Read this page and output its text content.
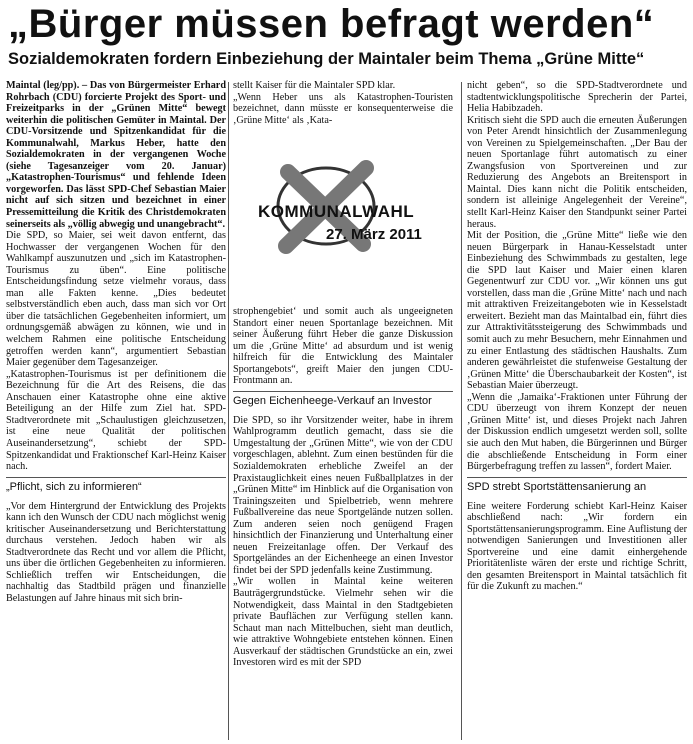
„Bürger müssen befragt werden“
Sozialdemokraten fordern Einbeziehung der Maintaler beim Thema „Grüne Mitte“

Maintal (leg/pp). – Das von Bürgermeister Erhard Rohrbach (CDU) forcierte Projekt des Sport- und Freizeitparks in der „Grünen Mitte“ bewegt weiterhin die politischen Gemüter in Maintal. Der CDU-Vorsitzende und Spitzenkandidat für die Kommunalwahl, Markus Heber, hatte den Sozialdemokraten in der vergangenen Woche (siehe Tagesanzeiger vom 20. Januar) „Katastrophen-Tourismus“ und fehlende Ideen vorgeworfen. Das lässt SPD-Chef Sebastian Maier nicht auf sich sitzen und bezeichnet in einer Pressemitteilung die Kritik des Christdemokraten seinerseits als „völlig abwegig und unangebracht“.

Die SPD, so Maier, sei weit davon entfernt, das Hochwasser der vergangenen Wochen für den Wahlkampf auszunutzen und „sich im Katastrophen-Tourismus zu üben“. Eine politische Entscheidungsfindung setze vielmehr voraus, dass man alle Fakten kenne. „Dies bedeutet selbstverständlich eben auch, dass man sich vor Ort über die tatsächlichen Gegebenheiten informiert, um ordnungsgemäß abwägen zu können, wie und in welchem Rahmen eine politische Entscheidung getroffen werden kann“, argumentiert Sebastian Maier gegenüber dem Tagesanzeiger.

„Katastrophen-Tourismus ist per definitionem die Bezeichnung für die Art des Reisens, die das Anschauen einer Katastrophe ohne eine aktive Beteiligung an der Hilfe zum Ziel hat. SPD-Stadtverordnete mit „Schaulustigen gleichzusetzen, ist eine neue Qualität der politischen Auseinandersetzung“, schiebt der SPD-Spitzenkandidat und Fraktionschef Karl-Heinz Kaiser nach.

„Pflicht, sich zu informieren“

„Vor dem Hintergrund der Entwicklung des Projekts kann ich den Wunsch der CDU nach möglichst wenig kritischer Auseinandersetzung und Berichterstattung durchaus verstehen. Jedoch haben wir als Stadtverordnete das Recht und vor allem die Pflicht, uns über die örtlichen Gegebenheiten zu informieren. Schließlich treffen wir Entscheidungen, die nachhaltig das Stadtbild prägen und finanzielle Belastungen auf Jahre hinaus mit sich brin-

stellt Kaiser für die Maintaler SPD klar.

„Wenn Heber uns als Katastrophen-Touristen bezeichnet, dann müsste er konsequenterweise die ‚Grüne Mitte‘ als ‚Kata-

KOMMUNALWAHL
27. März 2011

strophengebiet‘ und somit auch als ungeeigneten Standort einer neuen Sportanlage bezeichnen. Mit seiner Äußerung führt Heber die ganze Diskussion um die ‚Grüne Mitte‘ ad absurdum und ist wenig hilfreich für die Entwicklung des Maintaler Sportangebots“, greift Maier den jungen CDU-Frontmann an.

Gegen Eichenheege-Verkauf an Investor

Die SPD, so ihr Vorsitzender weiter, habe in ihrem Wahlprogramm deutlich gemacht, dass sie die Umgestaltung der „Grünen Mitte“, wie von der CDU vorgeschlagen, ablehnt. Zum einen bestünden für die Sozialdemokraten erhebliche Zweifel an der Praxistauglichkeit eines neuen Fußballplatzes in der „Grünen Mitte“ im Hinblick auf die Organisation von Trainingszeiten und Spielbetrieb, wenn mehrere Fußballvereine das neue Sportgelände nutzen sollen. Zum anderen seien noch genügend Fragen hinsichtlich der Finanzierung und Unterhaltung einer neuen Freizeitanlage offen. Der Verkauf des Sportgeländes an der Eichenheege an einen Investor findet bei der SPD jedenfalls keine Zustimmung.

„Wir wollen in Maintal keine weiteren Bauträgergrundstücke. Vielmehr sehen wir die Notwendigkeit, dass Maintal in den Stadtgebieten private Bauflächen zur Verfügung stellen kann. Schaut man nach Mittelbuchen, sieht man deutlich, wie attraktive Wohngebiete entstehen können. Einen Ausverkauf der städtischen Grundstücke an ein, zwei Investoren wird es mit der SPD

nicht geben“, so die SPD-Stadtverordnete und stadtentwicklungspolitische Sprecherin der Partei, Helia Habibzadeh.

Kritisch sieht die SPD auch die erneuten Äußerungen von Peter Arendt hinsichtlich der Zusammenlegung von Vereinen zu Spielgemeinschaften. „Der Bau der neuen Sportanlage führt automatisch zu einer Zwangsfusion von Sportvereinen und zur Reduzierung des Angebots an Breitensport in Maintal. Dies kann nicht die Politik entscheiden, sondern ist alleinige Angelegenheit der Vereine“, stellt Karl-Heinz Kaiser den Standpunkt seiner Partei heraus.

Mit der Position, die „Grüne Mitte“ ließe wie den neuen Bürgerpark in Hanau-Kesselstadt unter Einbeziehung des Schwimmbads zu gestalten, lege die SPD laut Kaiser und Maier einen klaren Gegenentwurf zur CDU vor. „Wir können uns gut vorstellen, dass man die ‚Grüne Mitte‘ nach und nach mit attraktiven Freizeitangeboten wie in Kesselstadt erweitert. Bezieht man das Maintalbad ein, führt dies zur Attraktivitätssteigerung des Schwimmbads und somit auch zu mehr Besuchern, mehr Einnahmen und zu einer Entlastung des städtischen Haushalts. Zum anderen gewährleistet die stufenweise Gestaltung der ‚Grünen Mitte‘ die Überschaubarkeit der Kosten“, ist Sebastian Maier überzeugt.

„Wenn die ‚Jamaika‘-Fraktionen unter Führung der CDU überzeugt von ihrem Konzept der neuen ‚Grünen Mitte‘ ist, und dieses Projekt nach Jahren der Diskussion endlich umgesetzt werden soll, sollte sie auch den Mut haben, die Bürgerinnen und Bürger die abschließende Entscheidung in Form einer Bürgerbefragung treffen zu lassen“, fordert Maier.

SPD strebt Sportstättensanierung an

Eine weitere Forderung schiebt Karl-Heinz Kaiser abschließend nach: „Wir fordern ein Sportstättensanierungsprogramm. Eine Auflistung der notwendigen Sanierungen und Investitionen aller Sportvereine und eine damit einhergehende Prioritätenliste wären der erste und richtige Schritt, den gesamten Breitensport in Maintal tatsächlich fit für die Zukunft zu machen.“
